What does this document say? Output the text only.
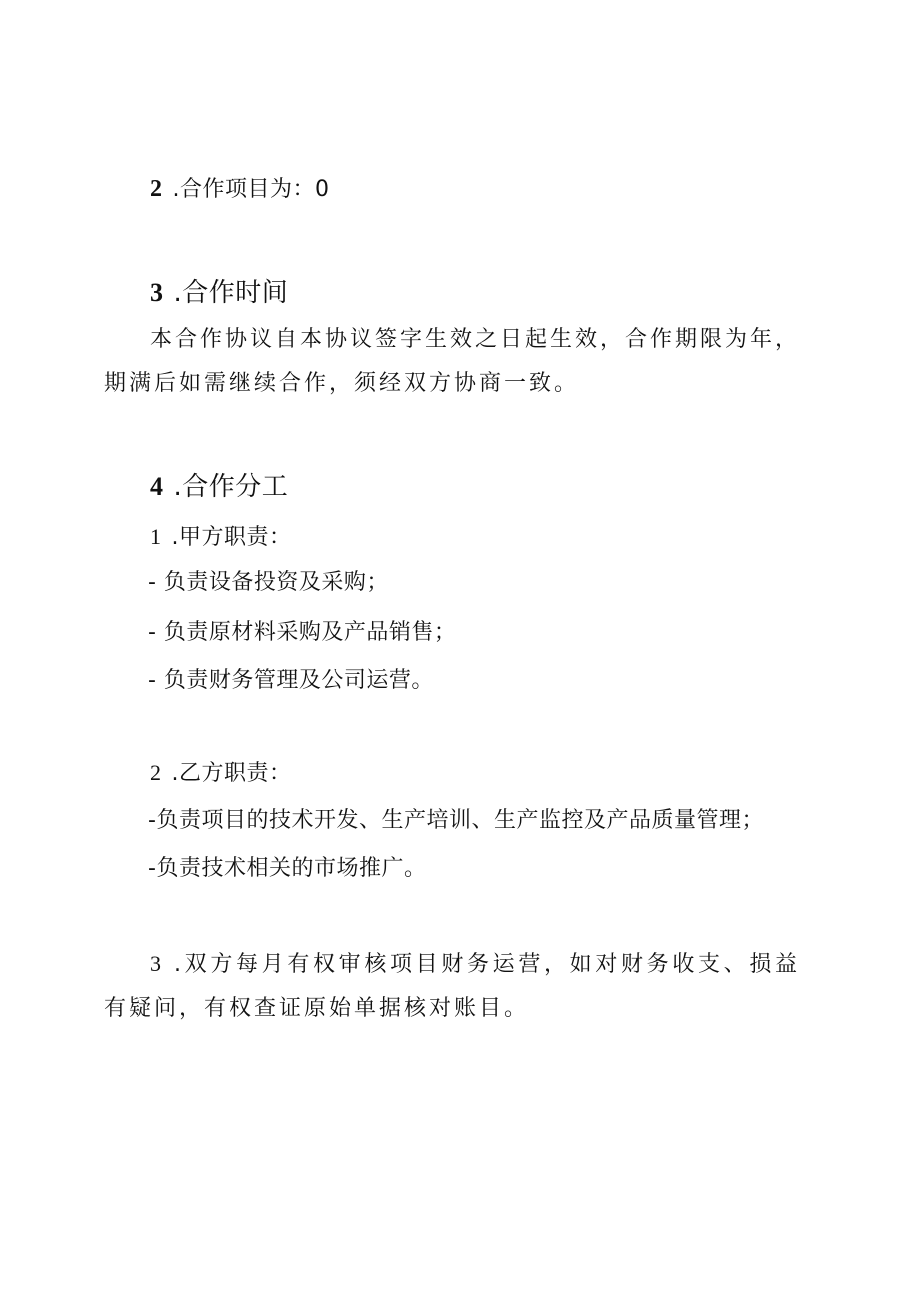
2 .合作项目为：0
3 .合作时间
本合作协议自本协议签字生效之日起生效，合作期限为年，期满后如需继续合作，须经双方协商一致。
4 .合作分工
1 .甲方职责：
- 负责设备投资及采购；
- 负责原材料采购及产品销售；
- 负责财务管理及公司运营。
2 .乙方职责：
-负责项目的技术开发、生产培训、生产监控及产品质量管理；
-负责技术相关的市场推广。
3 .双方每月有权审核项目财务运营，如对财务收支、损益有疑问，有权查证原始单据核对账目。
